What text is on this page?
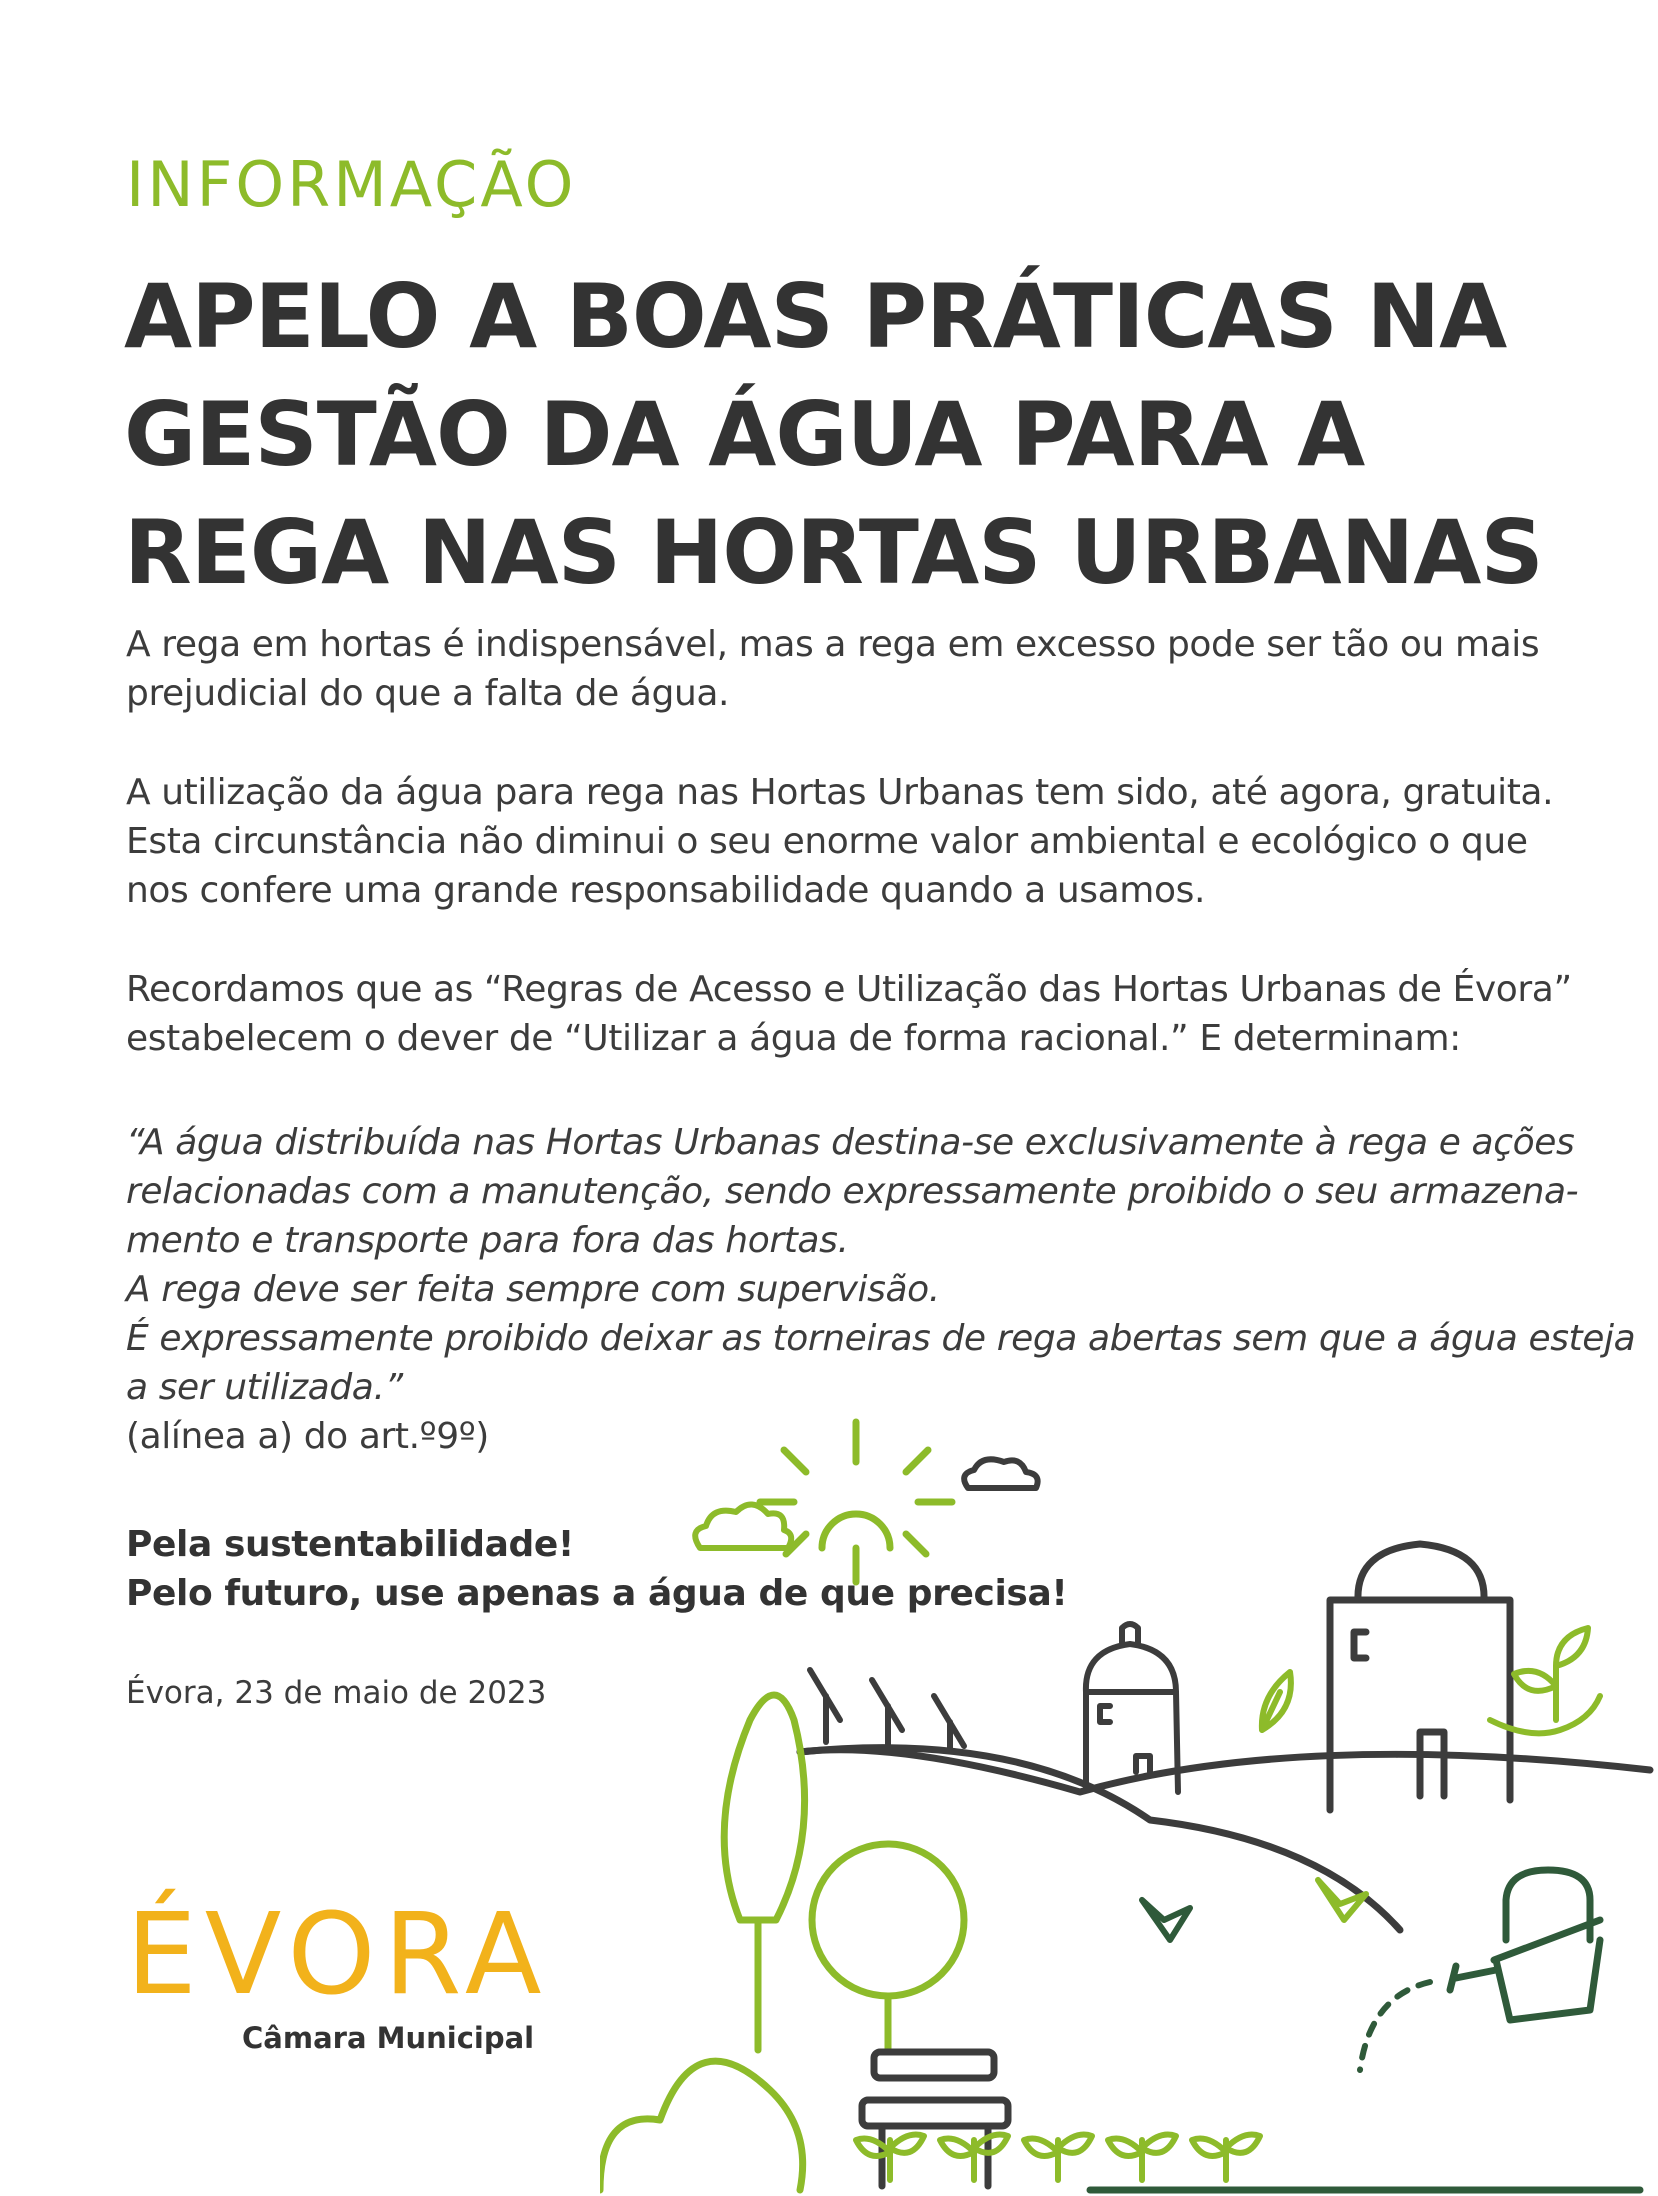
INFORMAÇÃO
APELO A BOAS PRÁTICAS NA
GESTÃO DA ÁGUA PARA A
REGA NAS HORTAS URBANAS
A rega em hortas é indispensável, mas a rega em excesso pode ser tão ou mais
prejudicial do que a falta de água.
A utilização da água para rega nas Hortas Urbanas tem sido, até agora, gratuita.
Esta circunstância não diminui o seu enorme valor ambiental e ecológico o que
nos confere uma grande responsabilidade quando a usamos.
Recordamos que as “Regras de Acesso e Utilização das Hortas Urbanas de Évora”
estabelecem o dever de “Utilizar a água de forma racional.” E determinam:
“A água distribuída nas Hortas Urbanas destina-se exclusivamente à rega e ações
relacionadas com a manutenção, sendo expressamente proibido o seu armazena-
mento e transporte para fora das hortas.
A rega deve ser feita sempre com supervisão.
É expressamente proibido deixar as torneiras de rega abertas sem que a água esteja
a ser utilizada.”
(alínea a) do art.º9º)
Pela sustentabilidade!
Pelo futuro, use apenas a água de que precisa!
Évora, 23 de maio de 2023
ÉVORA
Câmara Municipal
